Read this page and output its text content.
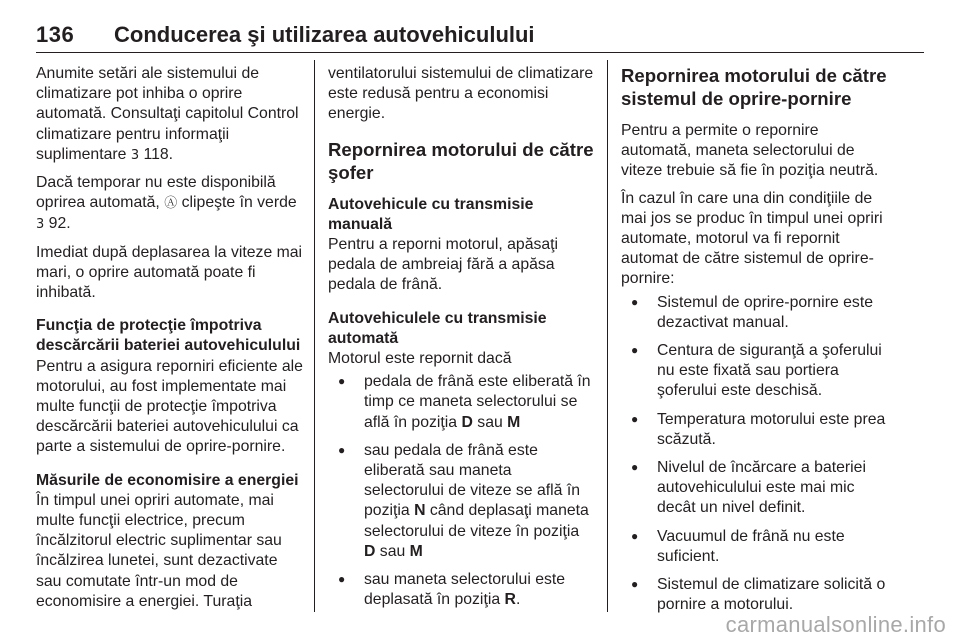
136 Conducerea şi utilizarea autovehiculului

Anumite setări ale sistemului de climatizare pot inhiba o oprire automată. Consultaţi capitolul Control climatizare pentru informaţii suplimentare 3 118.

Dacă temporar nu este disponibilă oprirea automată, Ⓐ clipeşte în verde 3 92.

Imediat după deplasarea la viteze mai mari, o oprire automată poate fi inhibată.

Funcţia de protecţie împotriva descărcării bateriei autovehiculului

Pentru a asigura reporniri eficiente ale motorului, au fost implementate mai multe funcţii de protecţie împotriva descărcării bateriei autovehiculului ca parte a sistemului de oprire-pornire.

Măsurile de economisire a energiei

În timpul unei opriri automate, mai multe funcţii electrice, precum încălzitorul electric suplimentar sau încălzirea lunetei, sunt dezactivate sau comutate într-un mod de economisire a energiei. Turaţia

ventilatorului sistemului de climatizare este redusă pentru a economisi energie.

Repornirea motorului de către şofer
Autovehicule cu transmisie manuală

Pentru a reporni motorul, apăsaţi pedala de ambreiaj fără a apăsa pedala de frână.

Autovehiculele cu transmisie automată

Motorul este repornit dacă

● pedala de frână este eliberată în timp ce maneta selectorului se află în poziţia D sau M
● sau pedala de frână este eliberată sau maneta selectorului de viteze se află în poziţia N când deplasaţi maneta selectorului de viteze în poziţia D sau M
● sau maneta selectorului este deplasată în poziţia R.
Repornirea motorului de către sistemul de oprire-pornire

Pentru a permite o repornire automată, maneta selectorului de viteze trebuie să fie în poziţia neutră.

În cazul în care una din condiţiile de mai jos se produc în timpul unei opriri automate, motorul va fi repornit automat de către sistemul de oprire-pornire:

● Sistemul de oprire-pornire este dezactivat manual.
● Centura de siguranţă a şoferului nu este fixată sau portiera şoferului este deschisă.
● Temperatura motorului este prea scăzută.
● Nivelul de încărcare a bateriei autovehiculului este mai mic decât un nivel definit.
● Vacuumul de frână nu este suficient.
● Sistemul de climatizare solicită o pornire a motorului.
carmanualsonline.info
